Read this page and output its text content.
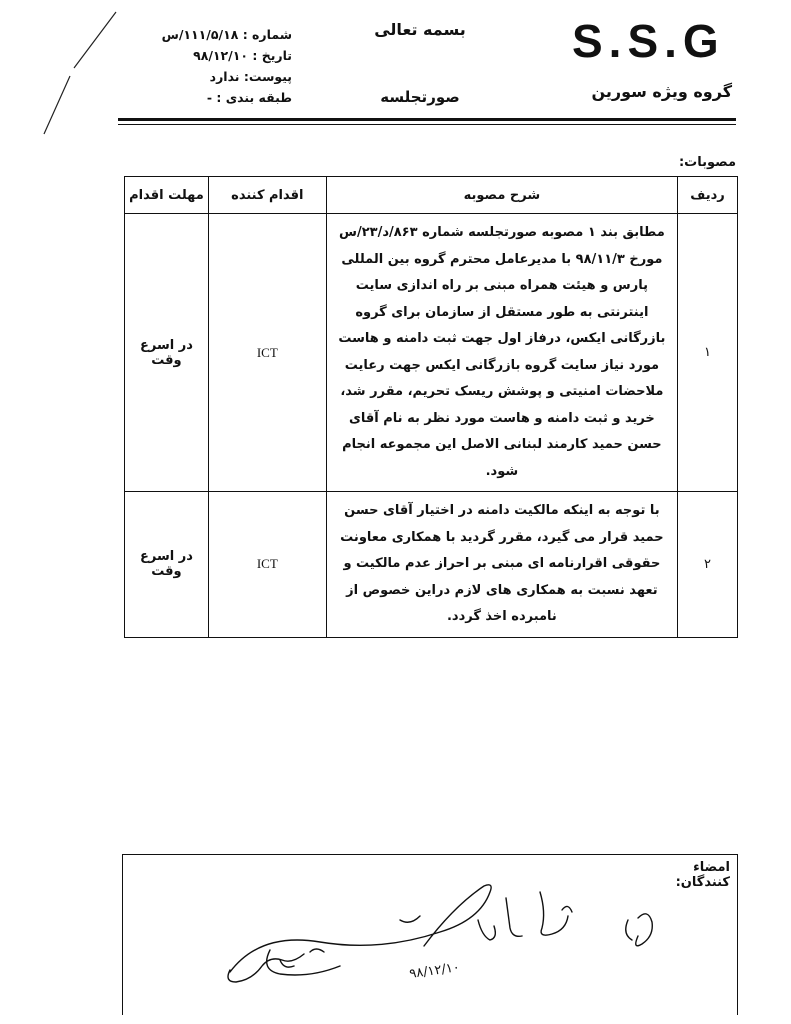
S.S.G
گروه ویژه سورین
بسمه تعالی
صورتجلسه
شماره : ۱۱۱/۵/۱۸/س
تاریخ : ۹۸/۱۲/۱۰
پیوست: ندارد
طبقه بندی : -
مصوبات:
ردیف	شرح مصوبه	اقدام کننده	مهلت اقدام
۱	مطابق بند ۱ مصوبه صورتجلسه شماره ۸۶۳/د/۲۳/س مورخ ۹۸/۱۱/۳ با مدیرعامل محترم گروه بین المللی پارس و هیئت همراه مبنی بر راه اندازی سایت اینترنتی به طور مستقل از سازمان برای گروه بازرگانی ایکس، درفاز اول جهت ثبت دامنه و هاست مورد نیاز سایت گروه بازرگانی ایکس جهت رعایت ملاحضات امنیتی و پوشش ریسک تحریم، مقرر شد، خرید و ثبت دامنه و هاست مورد نظر به نام آقای حسن حمید کارمند لبنانی الاصل این مجموعه انجام شود.	ICT	در اسرع وقت
۲	با توجه به اینکه مالکیت دامنه در اختیار آقای حسن حمید قرار می گیرد، مقرر گردید با همکاری معاونت حقوقی اقرارنامه ای مبنی بر احراز عدم مالکیت و تعهد نسبت به همکاری های لازم دراین خصوص از نامبرده اخذ گردد.	ICT	در اسرع وقت
امضاء کنندگان:
۹۸/۱۲/۱۰
